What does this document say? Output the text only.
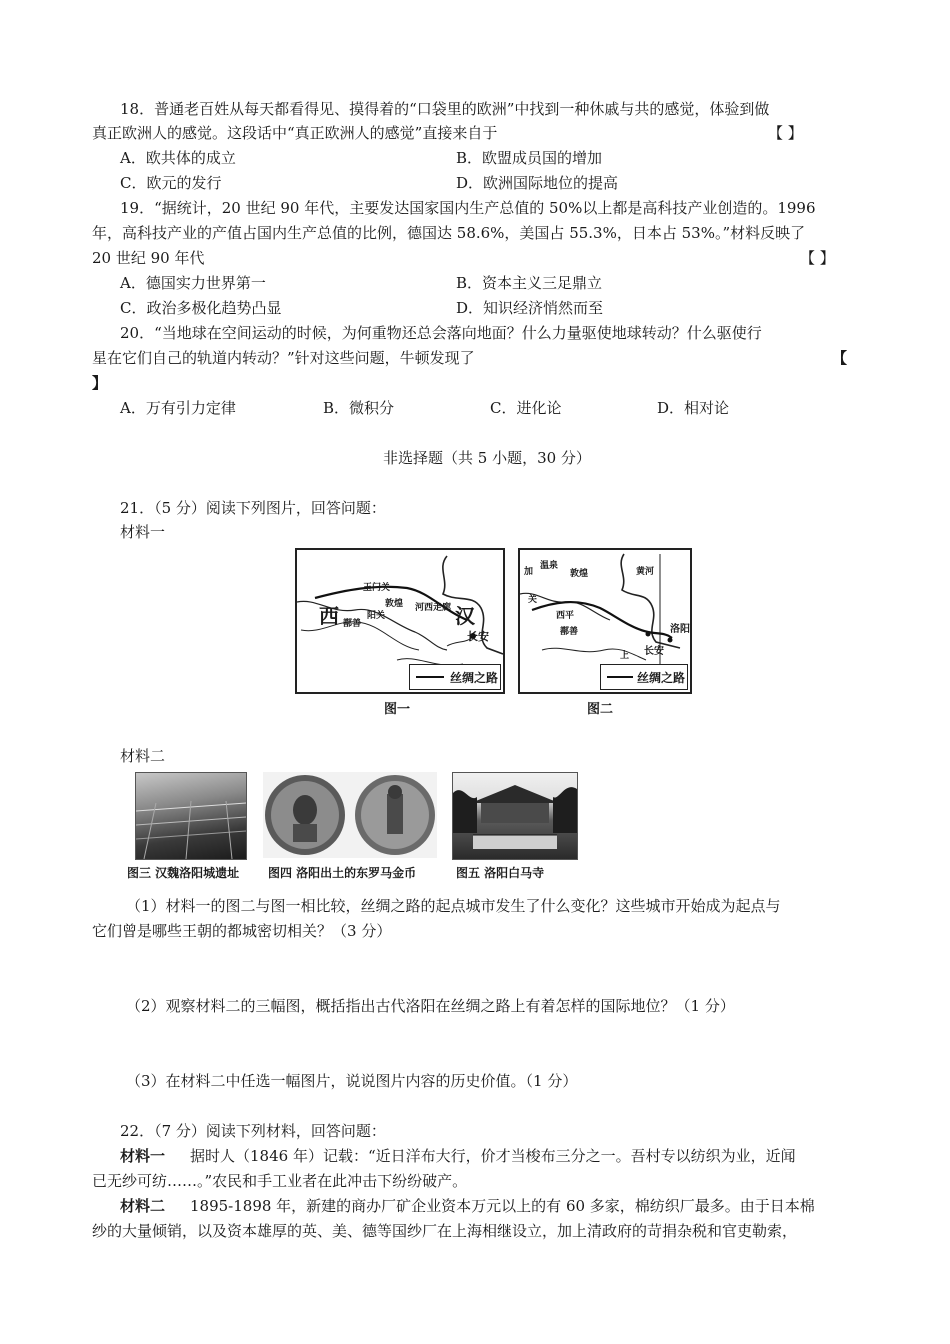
18．普通老百姓从每天都看得见、摸得着的“口袋里的欧洲”中找到一种休戚与共的感觉，体验到做
真正欧洲人的感觉。这段话中“真正欧洲人的感觉”直接来自于	【 】
A．欧共体的成立	B．欧盟成员国的增加
C．欧元的发行	D．欧洲国际地位的提高
19．“据统计，20 世纪 90 年代，主要发达国家国内生产总值的 50%以上都是高科技产业创造的。1996
年，高科技产业的产值占国内生产总值的比例，德国达 58.6%，美国占 55.3%，日本占 53%。”材料反映了
20 世纪 90 年代	【 】
A．德国实力世界第一	B．资本主义三足鼎立
C．政治多极化趋势凸显	D．知识经济悄然而至
20．“当地球在空间运动的时候，为何重物还总会落向地面？什么力量驱使地球转动？什么驱使行
星在它们自己的轨道内转动？”针对这些问题，牛顿发现了	【
】
A．万有引力定律	B．微积分	C．进化论	D．相对论
非选择题（共 5 小题，30 分）
21．（5 分）阅读下列图片，回答问题：
材料一
西	汉
玉门关
敦煌 河西走廊
阳关
鄯善
长安
丝绸之路
图一
温泉
敦煌
加
关
西平
鄯善	洛阳
长安
上
黄河
丝绸之路
图二
材料二
图三 汉魏洛阳城遗址 图四 洛阳出土的东罗马金币	图五 洛阳白马寺
（1）材料一的图二与图一相比较，丝绸之路的起点城市发生了什么变化？这些城市开始成为起点与
它们曾是哪些王朝的都城密切相关？（3 分）
（2）观察材料二的三幅图，概括指出古代洛阳在丝绸之路上有着怎样的国际地位？（1 分）
（3）在材料二中任选一幅图片，说说图片内容的历史价值。（1 分）
22．（7 分）阅读下列材料，回答问题：
材料一 据时人（1846 年）记载：“近日洋布大行，价才当梭布三分之一。吾村专以纺织为业，近闻
已无纱可纺……。”农民和手工业者在此冲击下纷纷破产。
材料二 1895-1898 年，新建的商办厂矿企业资本万元以上的有 60 多家，棉纺织厂最多。由于日本棉
纱的大量倾销，以及资本雄厚的英、美、德等国纱厂在上海相继设立，加上清政府的苛捐杂税和官吏勒索，
